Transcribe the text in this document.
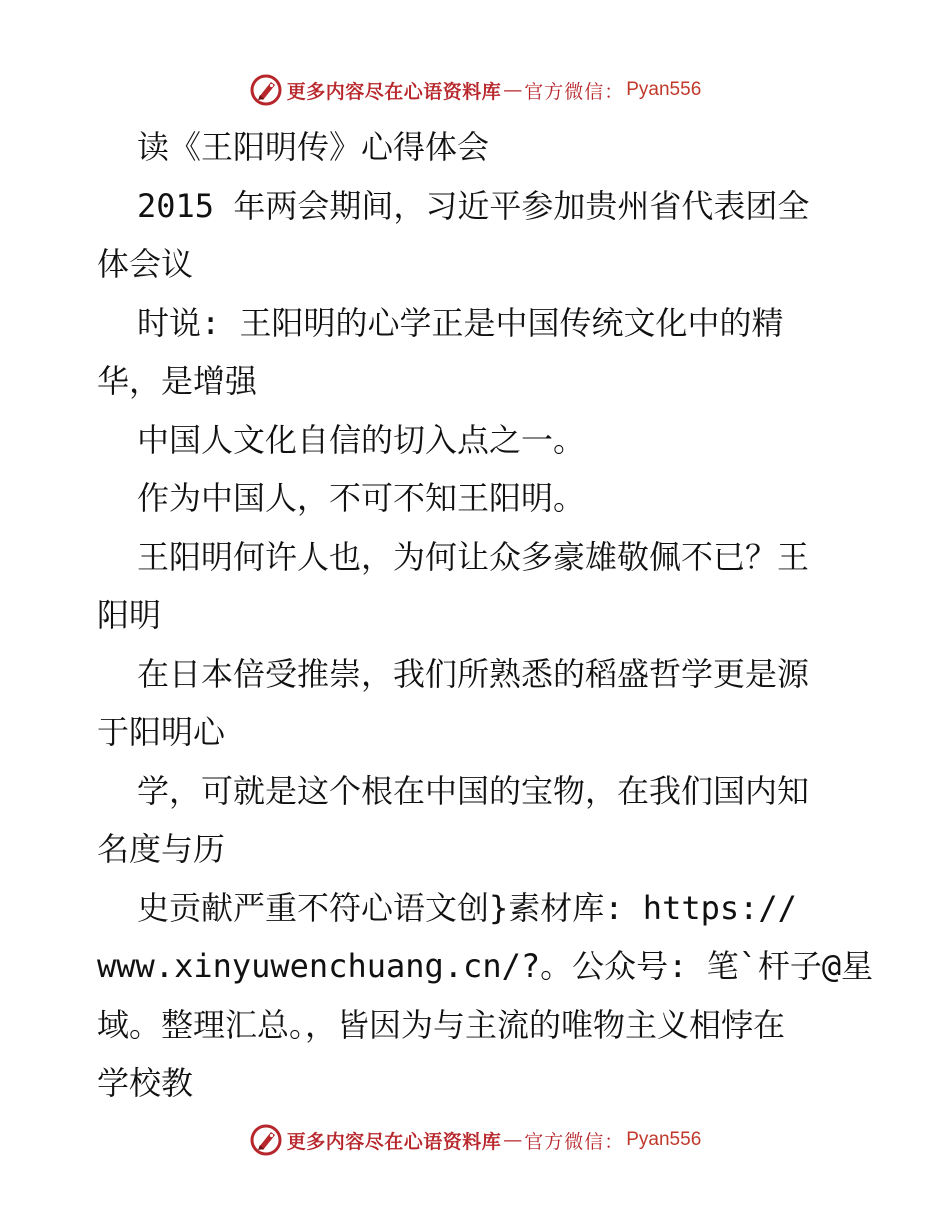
更多内容尽在心语资料库 — 官方微信： Pyan556

读《王阳明传》心得体会

2015 年两会期间，习近平参加贵州省代表团全

体会议

时说: 王阳明的心学正是中国传统文化中的精

华，是增强

中国人文化自信的切入点之一。

作为中国人，不可不知王阳明。

王阳明何许人也，为何让众多豪雄敬佩不已？王

阳明

在日本倍受推崇，我们所熟悉的稻盛哲学更是源

于阳明心

学，可就是这个根在中国的宝物，在我们国内知

名度与历

史贡献严重不符心语文创}素材库: https://

www.xinyuwenchuang.cn/?。公众号: 笔`杆子@星

域。整理汇总。，皆因为与主流的唯物主义相悖在

学校教

更多内容尽在心语资料库 — 官方微信： Pyan556
